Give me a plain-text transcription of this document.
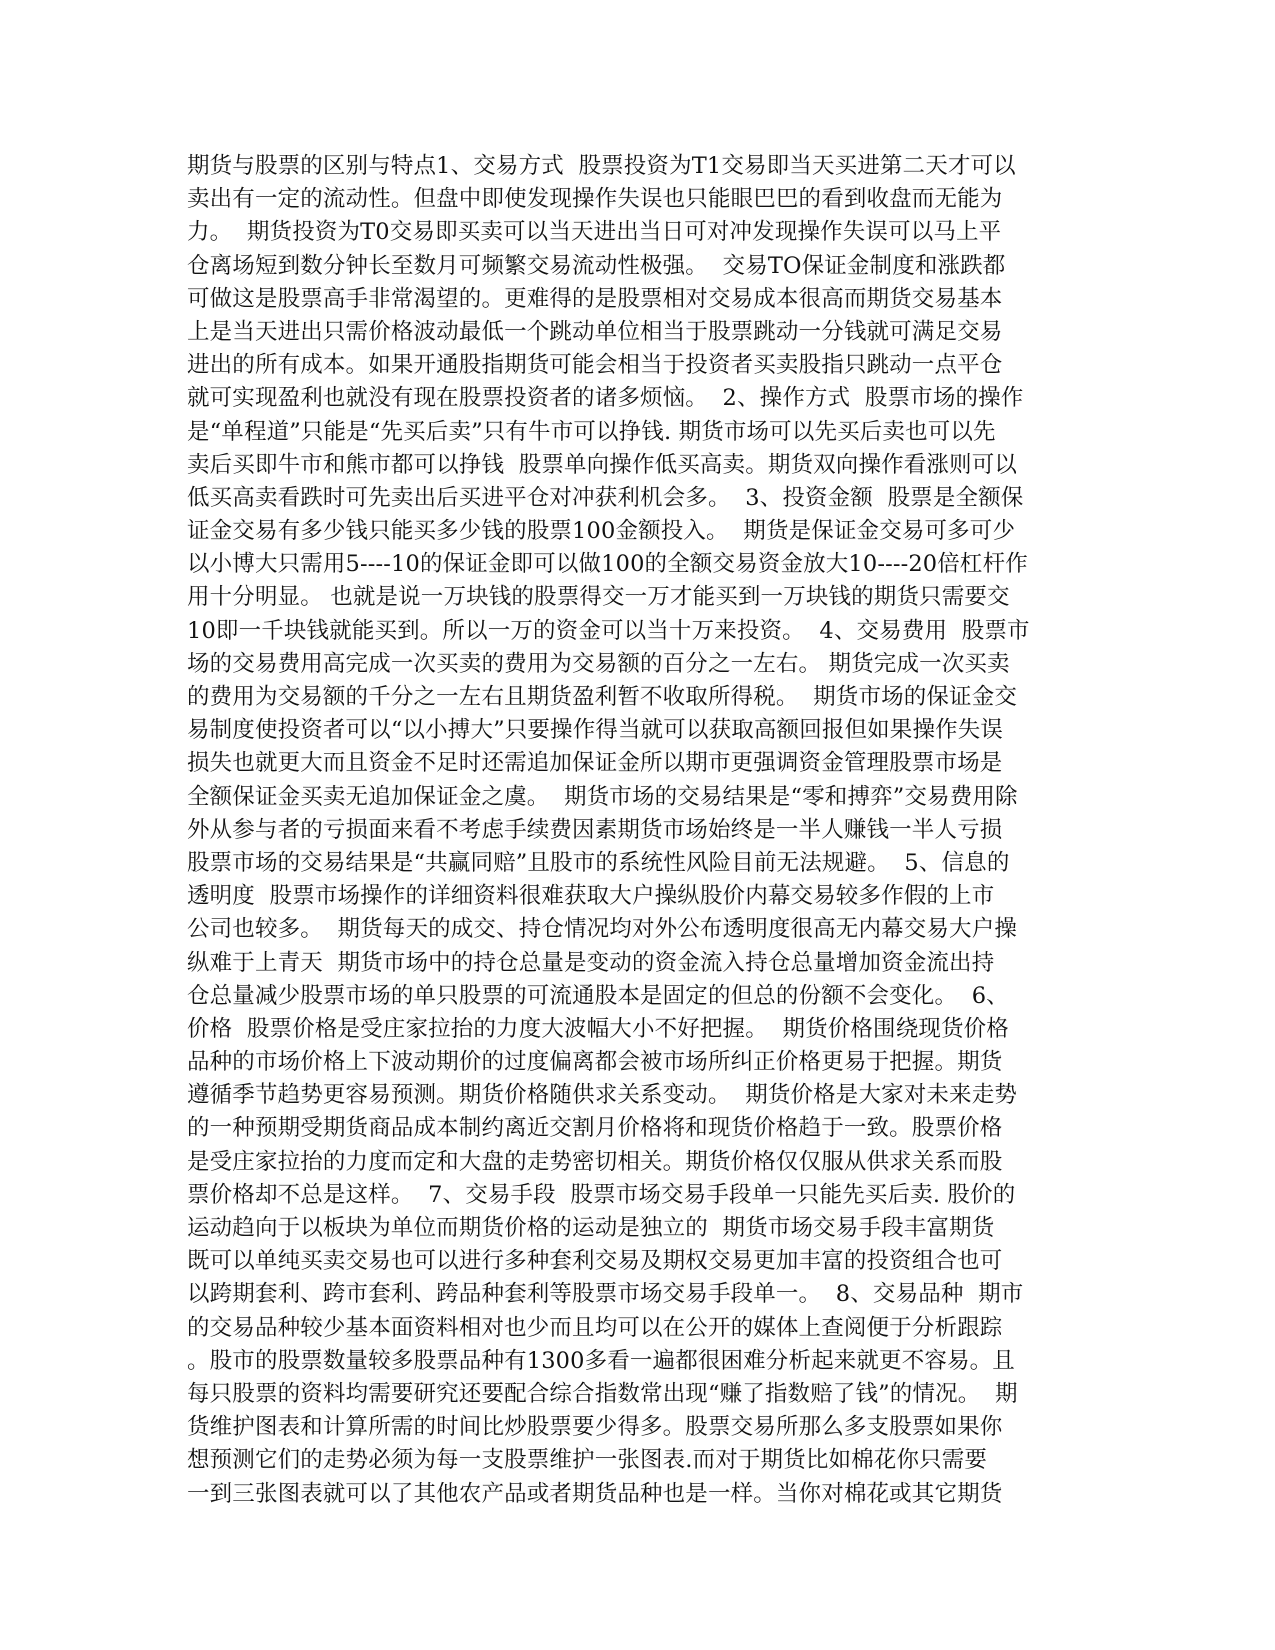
期货与股票的区别与特点1、交易方式  股票投资为T1交易即当天买进第二天才可以
卖出有一定的流动性。但盘中即使发现操作失误也只能眼巴巴的看到收盘而无能为
力。  期货投资为T0交易即买卖可以当天进出当日可对冲发现操作失误可以马上平
仓离场短到数分钟长至数月可频繁交易流动性极强。  交易TO保证金制度和涨跌都
可做这是股票高手非常渴望的。更难得的是股票相对交易成本很高而期货交易基本
上是当天进出只需价格波动最低一个跳动单位相当于股票跳动一分钱就可满足交易
进出的所有成本。如果开通股指期货可能会相当于投资者买卖股指只跳动一点平仓
就可实现盈利也就没有现在股票投资者的诸多烦恼。  2、操作方式  股票市场的操作
是“单程道”只能是“先买后卖”只有牛市可以挣钱. 期货市场可以先买后卖也可以先
卖后买即牛市和熊市都可以挣钱  股票单向操作低买高卖。期货双向操作看涨则可以
低买高卖看跌时可先卖出后买进平仓对冲获利机会多。  3、投资金额  股票是全额保
证金交易有多少钱只能买多少钱的股票100金额投入。  期货是保证金交易可多可少
以小博大只需用5----10的保证金即可以做100的全额交易资金放大10----20倍杠杆作
用十分明显。 也就是说一万块钱的股票得交一万才能买到一万块钱的期货只需要交
10即一千块钱就能买到。所以一万的资金可以当十万来投资。  4、交易费用  股票市
场的交易费用高完成一次买卖的费用为交易额的百分之一左右。 期货完成一次买卖
的费用为交易额的千分之一左右且期货盈利暂不收取所得税。  期货市场的保证金交
易制度使投资者可以“以小搏大”只要操作得当就可以获取高额回报但如果操作失误
损失也就更大而且资金不足时还需追加保证金所以期市更强调资金管理股票市场是
全额保证金买卖无追加保证金之虞。  期货市场的交易结果是“零和搏弈”交易费用除
外从参与者的亏损面来看不考虑手续费因素期货市场始终是一半人赚钱一半人亏损
股票市场的交易结果是“共赢同赔”且股市的系统性风险目前无法规避。  5、信息的
透明度  股票市场操作的详细资料很难获取大户操纵股价内幕交易较多作假的上市
公司也较多。  期货每天的成交、持仓情况均对外公布透明度很高无内幕交易大户操
纵难于上青天  期货市场中的持仓总量是变动的资金流入持仓总量增加资金流出持
仓总量减少股票市场的单只股票的可流通股本是固定的但总的份额不会变化。  6、
价格  股票价格是受庄家拉抬的力度大波幅大小不好把握。  期货价格围绕现货价格
品种的市场价格上下波动期价的过度偏离都会被市场所纠正价格更易于把握。期货
遵循季节趋势更容易预测。期货价格随供求关系变动。  期货价格是大家对未来走势
的一种预期受期货商品成本制约离近交割月价格将和现货价格趋于一致。股票价格
是受庄家拉抬的力度而定和大盘的走势密切相关。期货价格仅仅服从供求关系而股
票价格却不总是这样。  7、交易手段  股票市场交易手段单一只能先买后卖. 股价的
运动趋向于以板块为单位而期货价格的运动是独立的  期货市场交易手段丰富期货
既可以单纯买卖交易也可以进行多种套利交易及期权交易更加丰富的投资组合也可
以跨期套利、跨市套利、跨品种套利等股票市场交易手段单一。  8、交易品种  期市
的交易品种较少基本面资料相对也少而且均可以在公开的媒体上查阅便于分析跟踪
。股市的股票数量较多股票品种有1300多看一遍都很困难分析起来就更不容易。且
每只股票的资料均需要研究还要配合综合指数常出现“赚了指数赔了钱”的情况。  期
货维护图表和计算所需的时间比炒股票要少得多。股票交易所那么多支股票如果你
想预测它们的走势必须为每一支股票维护一张图表.而对于期货比如棉花你只需要
一到三张图表就可以了其他农产品或者期货品种也是一样。当你对棉花或其它期货
